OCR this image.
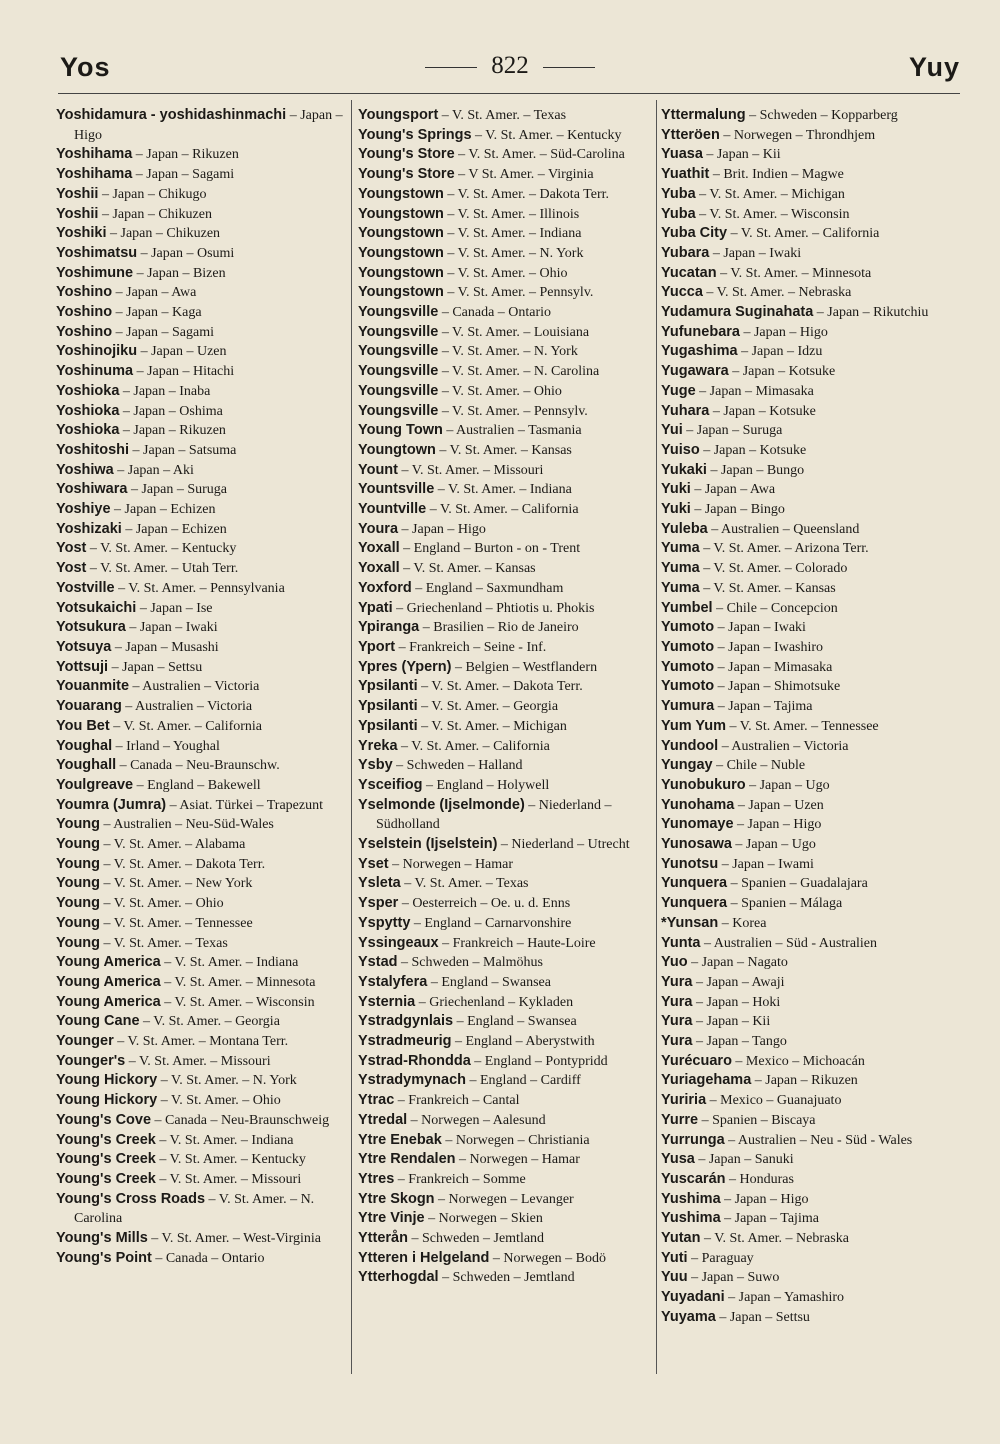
Yos	822	Yuy
Yoshidamura - yoshidashinmachi – Japan – Higo
Yoshihama – Japan – Rikuzen
Yoshihama – Japan – Sagami
Yoshii – Japan – Chikugo
Yoshii – Japan – Chikuzen
Yoshiki – Japan – Chikuzen
Yoshimatsu – Japan – Osumi
Yoshimune – Japan – Bizen
Yoshino – Japan – Awa
Yoshino – Japan – Kaga
Yoshino – Japan – Sagami
Yoshinojiku – Japan – Uzen
Yoshinuma – Japan – Hitachi
Yoshioka – Japan – Inaba
Yoshioka – Japan – Oshima
Yoshioka – Japan – Rikuzen
Yoshitoshi – Japan – Satsuma
Yoshiwa – Japan – Aki
Yoshiwara – Japan – Suruga
Yoshiye – Japan – Echizen
Yoshizaki – Japan – Echizen
Yost – V. St. Amer. – Kentucky
Yost – V. St. Amer. – Utah Terr.
Yostville – V. St. Amer. – Pennsylvania
Yotsukaichi – Japan – Ise
Yotsukura – Japan – Iwaki
Yotsuya – Japan – Musashi
Yottsuji – Japan – Settsu
Youanmite – Australien – Victoria
Youarang – Australien – Victoria
You Bet – V. St. Amer. – California
Youghal – Irland – Youghal
Youghall – Canada – Neu-Braunschw.
Youlgreave – England – Bakewell
Youmra (Jumra) – Asiat. Türkei – Trapezunt
Young – Australien – Neu-Süd-Wales
Young – V. St. Amer. – Alabama
Young – V. St. Amer. – Dakota Terr.
Young – V. St. Amer. – New York
Young – V. St. Amer. – Ohio
Young – V. St. Amer. – Tennessee
Young – V. St. Amer. – Texas
Young America – V. St. Amer. – Indiana
Young America – V. St. Amer. – Minnesota
Young America – V. St. Amer. – Wisconsin
Young Cane – V. St. Amer. – Georgia
Younger – V. St. Amer. – Montana Terr.
Younger's – V. St. Amer. – Missouri
Young Hickory – V. St. Amer. – N. York
Young Hickory – V. St. Amer. – Ohio
Young's Cove – Canada – Neu-Braunschweig
Young's Creek – V. St. Amer. – Indiana
Young's Creek – V. St. Amer. – Kentucky
Young's Creek – V. St. Amer. – Missouri
Young's Cross Roads – V. St. Amer. – N. Carolina
Young's Mills – V. St. Amer. – West-Virginia
Young's Point – Canada – Ontario
Youngsport – V. St. Amer. – Texas
Young's Springs – V. St. Amer. – Kentucky
Young's Store – V. St. Amer. – Süd-Carolina
Young's Store – V St. Amer. – Virginia
Youngstown – V. St. Amer. – Dakota Terr.
Youngstown – V. St. Amer. – Illinois
Youngstown – V. St. Amer. – Indiana
Youngstown – V. St. Amer. – N. York
Youngstown – V. St. Amer. – Ohio
Youngstown – V. St. Amer. – Pennsylv.
Youngsville – Canada – Ontario
Youngsville – V. St. Amer. – Louisiana
Youngsville – V. St. Amer. – N. York
Youngsville – V. St. Amer. – N. Carolina
Youngsville – V. St. Amer. – Ohio
Youngsville – V. St. Amer. – Pennsylv.
Young Town – Australien – Tasmania
Youngtown – V. St. Amer. – Kansas
Yount – V. St. Amer. – Missouri
Yountsville – V. St. Amer. – Indiana
Yountville – V. St. Amer. – California
Youra – Japan – Higo
Yoxall – England – Burton - on - Trent
Yoxall – V. St. Amer. – Kansas
Yoxford – England – Saxmundham
Ypati – Griechenland – Phtiotis u. Phokis
Ypiranga – Brasilien – Rio de Janeiro
Yport – Frankreich – Seine - Inf.
Ypres (Ypern) – Belgien – Westflandern
Ypsilanti – V. St. Amer. – Dakota Terr.
Ypsilanti – V. St. Amer. – Georgia
Ypsilanti – V. St. Amer. – Michigan
Yreka – V. St. Amer. – California
Ysby – Schweden – Halland
Ysceifiog – England – Holywell
Yselmonde (Ijselmonde) – Niederland – Südholland
Yselstein (Ijselstein) – Niederland – Utrecht
Yset – Norwegen – Hamar
Ysleta – V. St. Amer. – Texas
Ysper – Oesterreich – Oe. u. d. Enns
Yspytty – England – Carnarvonshire
Yssingeaux – Frankreich – Haute-Loire
Ystad – Schweden – Malmöhus
Ystalyfera – England – Swansea
Ysternia – Griechenland – Kykladen
Ystradgynlais – England – Swansea
Ystradmeurig – England – Aberystwith
Ystrad-Rhondda – England – Pontypridd
Ystradymynach – England – Cardiff
Ytrac – Frankreich – Cantal
Ytredal – Norwegen – Aalesund
Ytre Enebak – Norwegen – Christiania
Ytre Rendalen – Norwegen – Hamar
Ytres – Frankreich – Somme
Ytre Skogn – Norwegen – Levanger
Ytre Vinje – Norwegen – Skien
Ytterån – Schweden – Jemtland
Ytteren i Helgeland – Norwegen – Bodö
Ytterhogdal – Schweden – Jemtland
Yttermalung – Schweden – Kopparberg
Ytteröen – Norwegen – Throndhjem
Yuasa – Japan – Kii
Yuathit – Brit. Indien – Magwe
Yuba – V. St. Amer. – Michigan
Yuba – V. St. Amer. – Wisconsin
Yuba City – V. St. Amer. – California
Yubara – Japan – Iwaki
Yucatan – V. St. Amer. – Minnesota
Yucca – V. St. Amer. – Nebraska
Yudamura Suginahata – Japan – Rikutchiu
Yufunebara – Japan – Higo
Yugashima – Japan – Idzu
Yugawara – Japan – Kotsuke
Yuge – Japan – Mimasaka
Yuhara – Japan – Kotsuke
Yui – Japan – Suruga
Yuiso – Japan – Kotsuke
Yukaki – Japan – Bungo
Yuki – Japan – Awa
Yuki – Japan – Bingo
Yuleba – Australien – Queensland
Yuma – V. St. Amer. – Arizona Terr.
Yuma – V. St. Amer. – Colorado
Yuma – V. St. Amer. – Kansas
Yumbel – Chile – Concepcion
Yumoto – Japan – Iwaki
Yumoto – Japan – Iwashiro
Yumoto – Japan – Mimasaka
Yumoto – Japan – Shimotsuke
Yumura – Japan – Tajima
Yum Yum – V. St. Amer. – Tennessee
Yundool – Australien – Victoria
Yungay – Chile – Nuble
Yunobukuro – Japan – Ugo
Yunohama – Japan – Uzen
Yunomaye – Japan – Higo
Yunosawa – Japan – Ugo
Yunotsu – Japan – Iwami
Yunquera – Spanien – Guadalajara
Yunquera – Spanien – Málaga
*Yunsan – Korea
Yunta – Australien – Süd - Australien
Yuo – Japan – Nagato
Yura – Japan – Awaji
Yura – Japan – Hoki
Yura – Japan – Kii
Yura – Japan – Tango
Yurécuaro – Mexico – Michoacán
Yuriagehama – Japan – Rikuzen
Yuriria – Mexico – Guanajuato
Yurre – Spanien – Biscaya
Yurrunga – Australien – Neu - Süd - Wales
Yusa – Japan – Sanuki
Yuscarán – Honduras
Yushima – Japan – Higo
Yushima – Japan – Tajima
Yutan – V. St. Amer. – Nebraska
Yuti – Paraguay
Yuu – Japan – Suwo
Yuyadani – Japan – Yamashiro
Yuyama – Japan – Settsu
